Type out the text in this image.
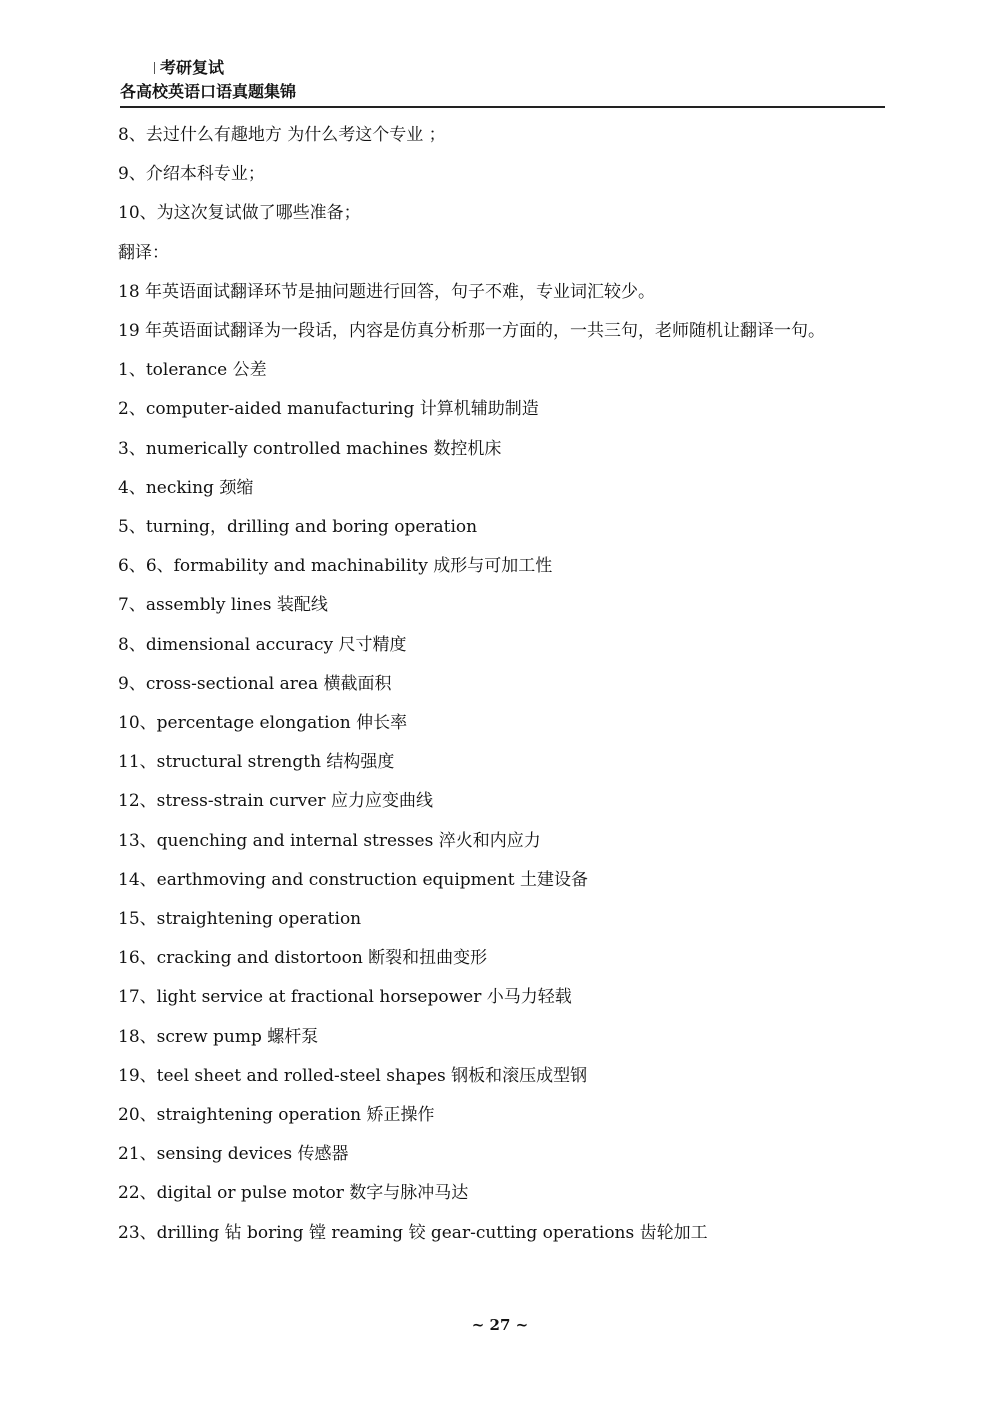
考研复试
各高校英语口语真题集锦
8、去过什么有趣地方 为什么考这个专业 ；
9、介绍本科专业；
10、为这次复试做了哪些准备；
翻译：
18 年英语面试翻译环节是抽问题进行回答，句子不难，专业词汇较少。
19 年英语面试翻译为一段话，内容是仿真分析那一方面的，一共三句，老师随机让翻译一句。
1、tolerance 公差
2、computer-aided manufacturing 计算机辅助制造
3、numerically controlled machines 数控机床
4、necking 颈缩
5、turning，drilling and boring operation
6、6、formability and machinability 成形与可加工性
7、assembly lines 装配线
8、dimensional accuracy 尺寸精度
9、cross-sectional area 横截面积
10、percentage elongation 伸长率
11、structural strength 结构强度
12、stress-strain curver 应力应变曲线
13、quenching and internal stresses 淬火和内应力
14、earthmoving and construction equipment 土建设备
15、straightening operation
16、cracking and distortoon 断裂和扭曲变形
17、light service at fractional horsepower 小马力轻载
18、screw pump 螺杆泵
19、teel sheet and rolled-steel shapes 钢板和滚压成型钢
20、straightening operation 矫正操作
21、sensing devices 传感器
22、digital or pulse motor 数字与脉冲马达
23、drilling 钻 boring 镗 reaming 铰 gear-cutting operations 齿轮加工
~ 27 ~
